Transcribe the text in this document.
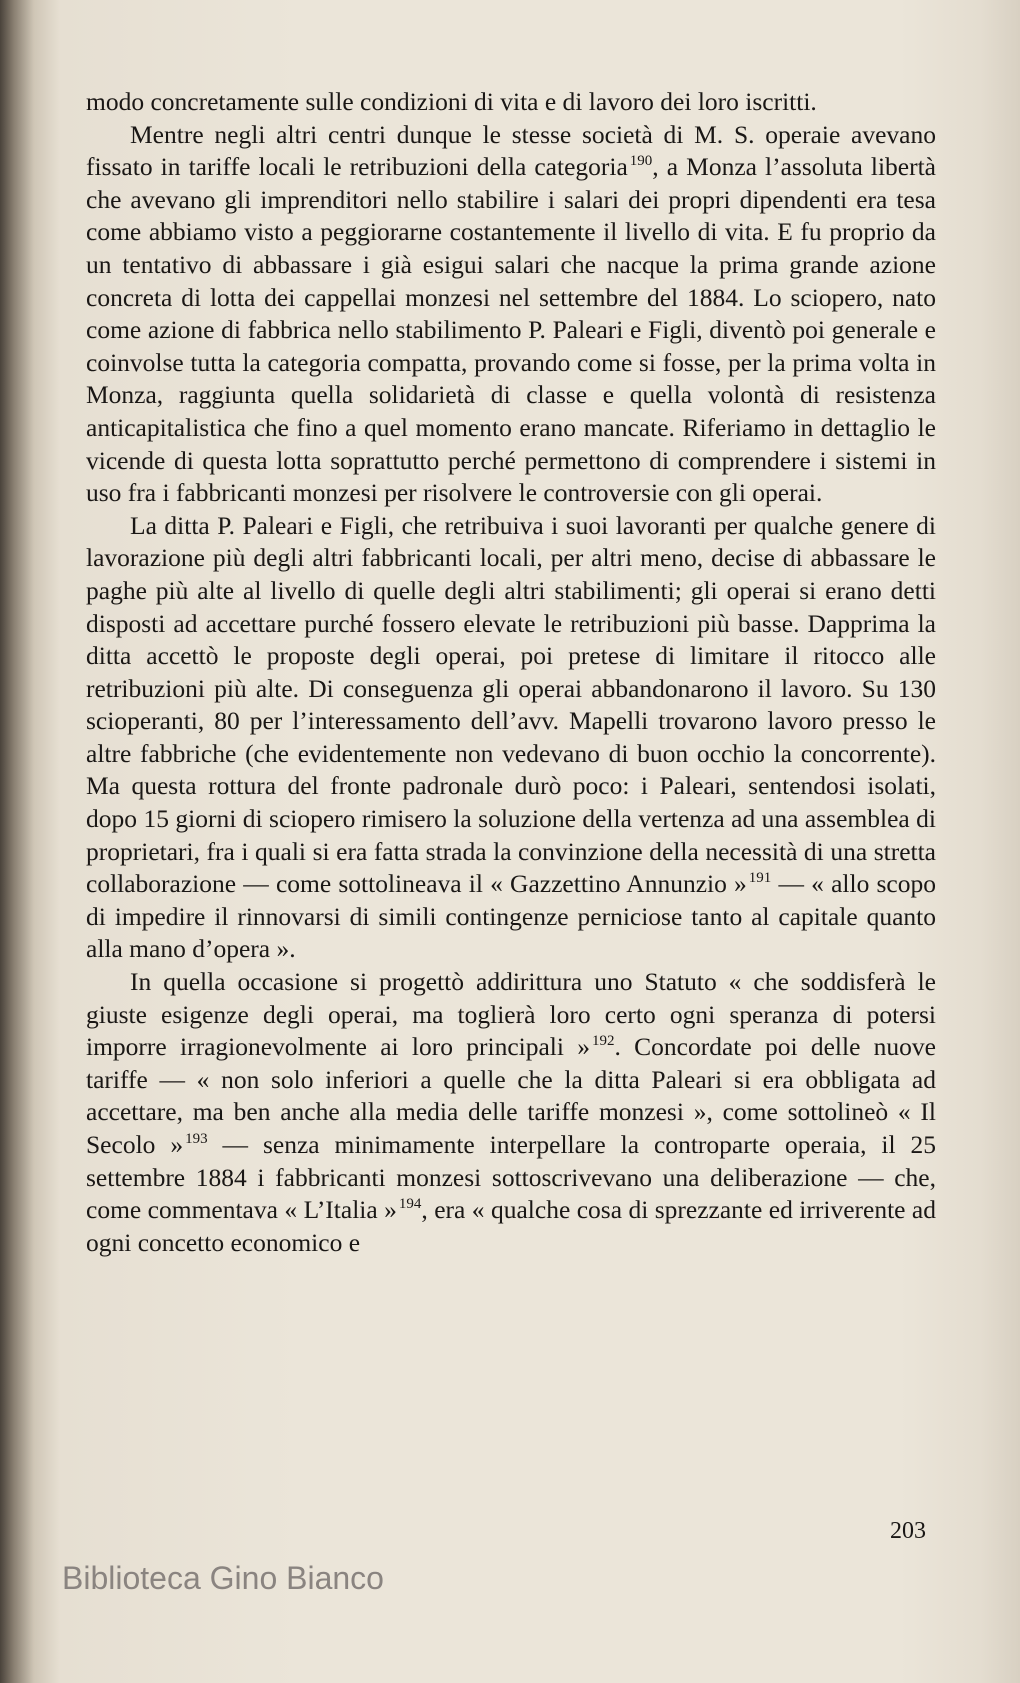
modo concretamente sulle condizioni di vita e di lavoro dei loro iscritti.

Mentre negli altri centri dunque le stesse società di M. S. operaie avevano fissato in tariffe locali le retribuzioni della categoria $^{190}$, a Monza l’assoluta libertà che avevano gli imprenditori nello stabilire i salari dei propri dipendenti era tesa come abbiamo visto a peggiorarne costantemente il livello di vita. E fu proprio da un tentativo di abbassare i già esigui salari che nacque la prima grande azione concreta di lotta dei cappellai monzesi nel settembre del 1884. Lo sciopero, nato come azione di fabbrica nello stabilimento P. Paleari e Figli, diventò poi generale e coinvolse tutta la categoria compatta, provando come si fosse, per la prima volta in Monza, raggiunta quella solidarietà di classe e quella volontà di resistenza anticapitalistica che fino a quel momento erano mancate. Riferiamo in dettaglio le vicende di questa lotta soprattutto perché permettono di comprendere i sistemi in uso fra i fabbricanti monzesi per risolvere le controversie con gli operai.

La ditta P. Paleari e Figli, che retribuiva i suoi lavoranti per qualche genere di lavorazione più degli altri fabbricanti locali, per altri meno, decise di abbassare le paghe più alte al livello di quelle degli altri stabilimenti; gli operai si erano detti disposti ad accettare purché fossero elevate le retribuzioni più basse. Dapprima la ditta accettò le proposte degli operai, poi pretese di limitare il ritocco alle retribuzioni più alte. Di conseguenza gli operai abbandonarono il lavoro. Su 130 scioperanti, 80 per l’interessamento dell’avv. Mapelli trovarono lavoro presso le altre fabbriche (che evidentemente non vedevano di buon occhio la concorrente). Ma questa rottura del fronte padronale durò poco: i Paleari, sentendosi isolati, dopo 15 giorni di sciopero rimisero la soluzione della vertenza ad una assemblea di proprietari, fra i quali si era fatta strada la convinzione della necessità di una stretta collaborazione — come sottolineava il « Gazzettino Annunzio » $^{191}$ — « allo scopo di impedire il rinnovarsi di simili contingenze perniciose tanto al capitale quanto alla mano d’opera ».

In quella occasione si progettò addirittura uno Statuto « che soddisferà le giuste esigenze degli operai, ma toglierà loro certo ogni speranza di potersi imporre irragionevolmente ai loro principali » $^{192}$. Concordate poi delle nuove tariffe — « non solo inferiori a quelle che la ditta Paleari si era obbligata ad accettare, ma ben anche alla media delle tariffe monzesi », come sottolineò « Il Secolo » $^{193}$ — senza minimamente interpellare la controparte operaia, il 25 settembre 1884 i fabbricanti monzesi sottoscrivevano una deliberazione — che, come commentava « L’Italia » $^{194}$, era « qualche cosa di sprezzante ed irriverente ad ogni concetto economico e

203
Biblioteca Gino Bianco
